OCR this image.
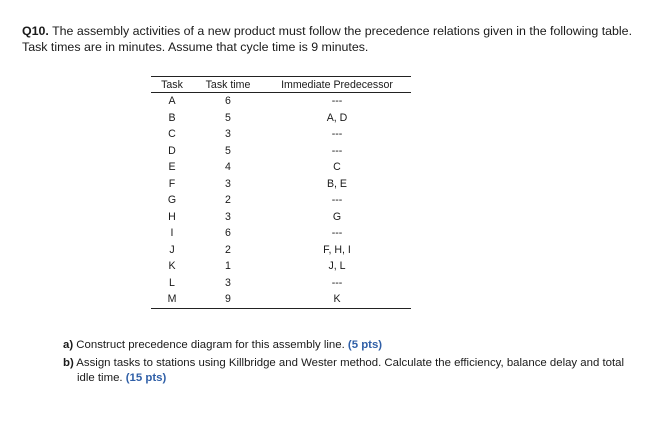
Q10. The assembly activities of a new product must follow the precedence relations given in the following table. Task times are in minutes. Assume that cycle time is 9 minutes.
Task	Task time	Immediate Predecessor
A	6	---
B	5	A, D
C	3	---
D	5	---
E	4	C
F	3	B, E
G	2	---
H	3	G
I	6	---
J	2	F, H, I
K	1	J, L
L	3	---
M	9	K

a) Construct precedence diagram for this assembly line. (5 pts)

b) Assign tasks to stations using Killbridge and Wester method. Calculate the efficiency, balance delay and total idle time. (15 pts)
